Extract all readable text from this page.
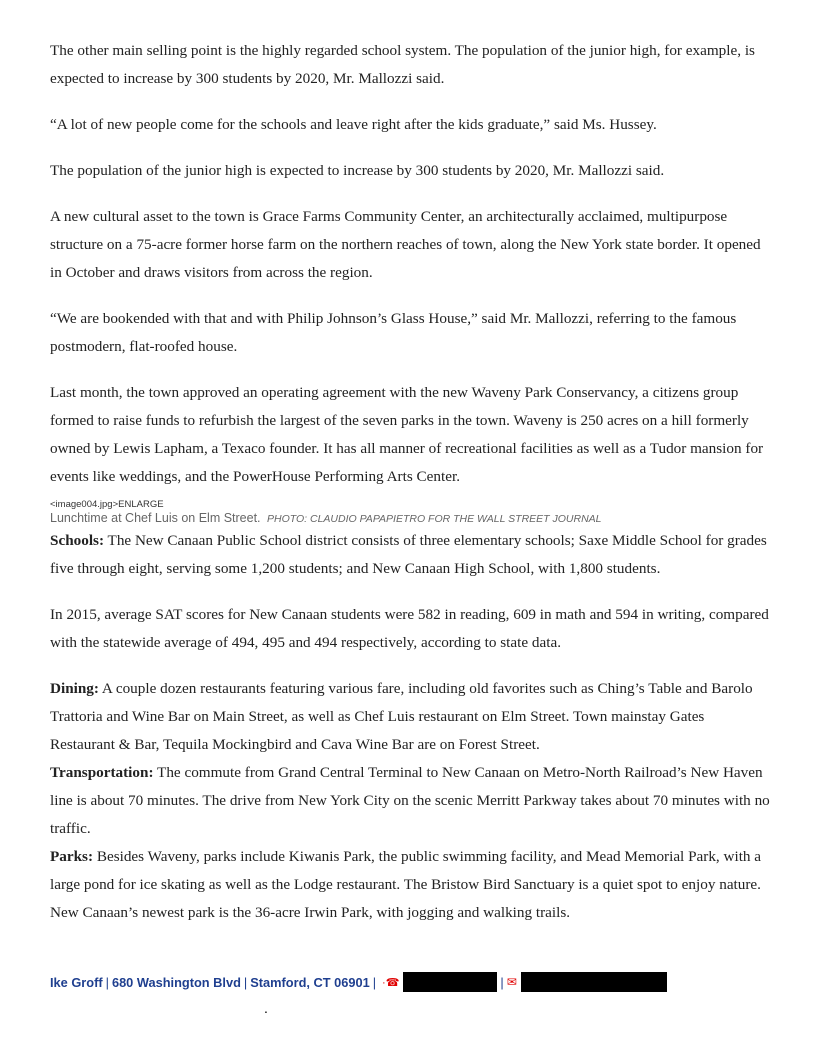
The other main selling point is the highly regarded school system. The population of the junior high, for example, is expected to increase by 300 students by 2020, Mr. Mallozzi said.

“A lot of new people come for the schools and leave right after the kids graduate,” said Ms. Hussey.

The population of the junior high is expected to increase by 300 students by 2020, Mr. Mallozzi said.

A new cultural asset to the town is Grace Farms Community Center, an architecturally acclaimed, multipurpose structure on a 75-acre former horse farm on the northern reaches of town, along the New York state border. It opened in October and draws visitors from across the region.

“We are bookended with that and with Philip Johnson’s Glass House,” said Mr. Mallozzi, referring to the famous postmodern, flat-roofed house.

Last month, the town approved an operating agreement with the new Waveny Park Conservancy, a citizens group formed to raise funds to refurbish the largest of the seven parks in the town. Waveny is 250 acres on a hill formerly owned by Lewis Lapham, a Texaco founder. It has all manner of recreational facilities as well as a Tudor mansion for events like weddings, and the PowerHouse Performing Arts Center.

<image004.jpg>ENLARGE
Lunchtime at Chef Luis on Elm Street. PHOTO: CLAUDIO PAPAPIETRO FOR THE WALL STREET JOURNAL

Schools: The New Canaan Public School district consists of three elementary schools; Saxe Middle School for grades five through eight, serving some 1,200 students; and New Canaan High School, with 1,800 students.

In 2015, average SAT scores for New Canaan students were 582 in reading, 609 in math and 594 in writing, compared with the statewide average of 494, 495 and 494 respectively, according to state data.

Dining: A couple dozen restaurants featuring various fare, including old favorites such as Ching’s Table and Barolo Trattoria and Wine Bar on Main Street, as well as Chef Luis restaurant on Elm Street. Town mainstay Gates Restaurant & Bar, Tequila Mockingbird and Cava Wine Bar are on Forest Street.

Transportation: The commute from Grand Central Terminal to New Canaan on Metro-North Railroad’s New Haven line is about 70 minutes. The drive from New York City on the scenic Merritt Parkway takes about 70 minutes with no traffic.

Parks: Besides Waveny, parks include Kiwanis Park, the public swimming facility, and Mead Memorial Park, with a large pond for ice skating as well as the Lodge restaurant. The Bristow Bird Sanctuary is a quiet spot to enjoy nature. New Canaan’s newest park is the 36-acre Irwin Park, with jogging and walking trails.

Ike Groff | 680 Washington Blvd | Stamford, CT 06901 | ·☎	| ✉
.
